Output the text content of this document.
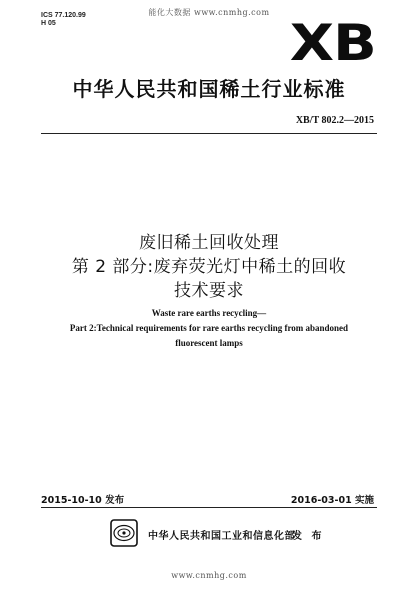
ICS 77.120.99
H 05
能化大数据 www.cnmhg.com
XB
中华人民共和国稀土行业标准
XB/T 802.2—2015
废旧稀土回收处理
第 2 部分:废弃荧光灯中稀土的回收
技术要求
Waste rare earths recycling—
Part 2:Technical requirements for rare earths recycling from abandoned
fluorescent lamps
2015-10-10 发布	2016-03-01 实施
中华人民共和国工业和信息化部
发 布
www.cnmhg.com
